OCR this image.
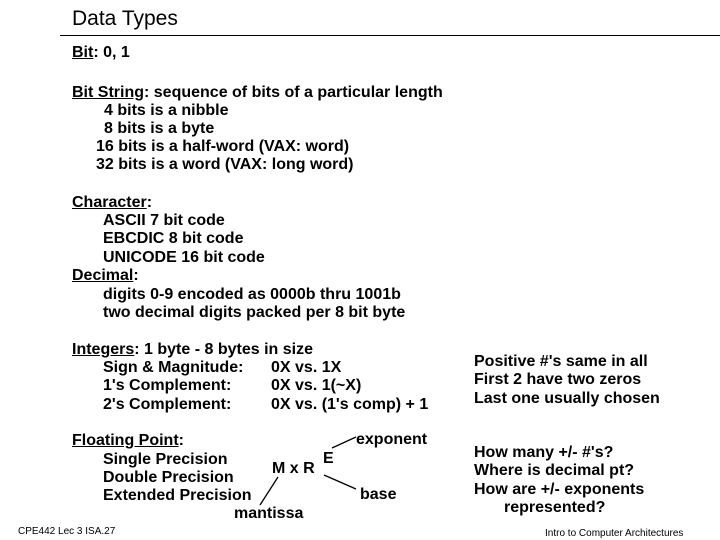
Data Types
Bit: 0, 1
Bit String: sequence of bits of a particular length
4 bits is a nibble
8 bits is a byte
16 bits is a half-word (VAX: word)
32 bits is a word (VAX: long word)
Character:
ASCII 7 bit code
EBCDIC 8 bit code
UNICODE 16 bit code
Decimal:
digits 0-9 encoded as 0000b thru 1001b
two decimal digits packed per 8 bit byte
Integers: 1 byte - 8 bytes in size
Sign & Magnitude: 0X vs. 1X
1's Complement: 0X vs. 1(~X)
2's Complement: 0X vs. (1's comp) + 1
Positive #'s same in all
First 2 have two zeros
Last one usually chosen
Floating Point:
Single Precision
Double Precision
Extended Precision
M x R
E
exponent
base
mantissa
How many +/- #'s?
Where is decimal pt?
How are +/- exponents
represented?
CPE442 Lec 3 ISA.27	Intro to Computer Architectures
